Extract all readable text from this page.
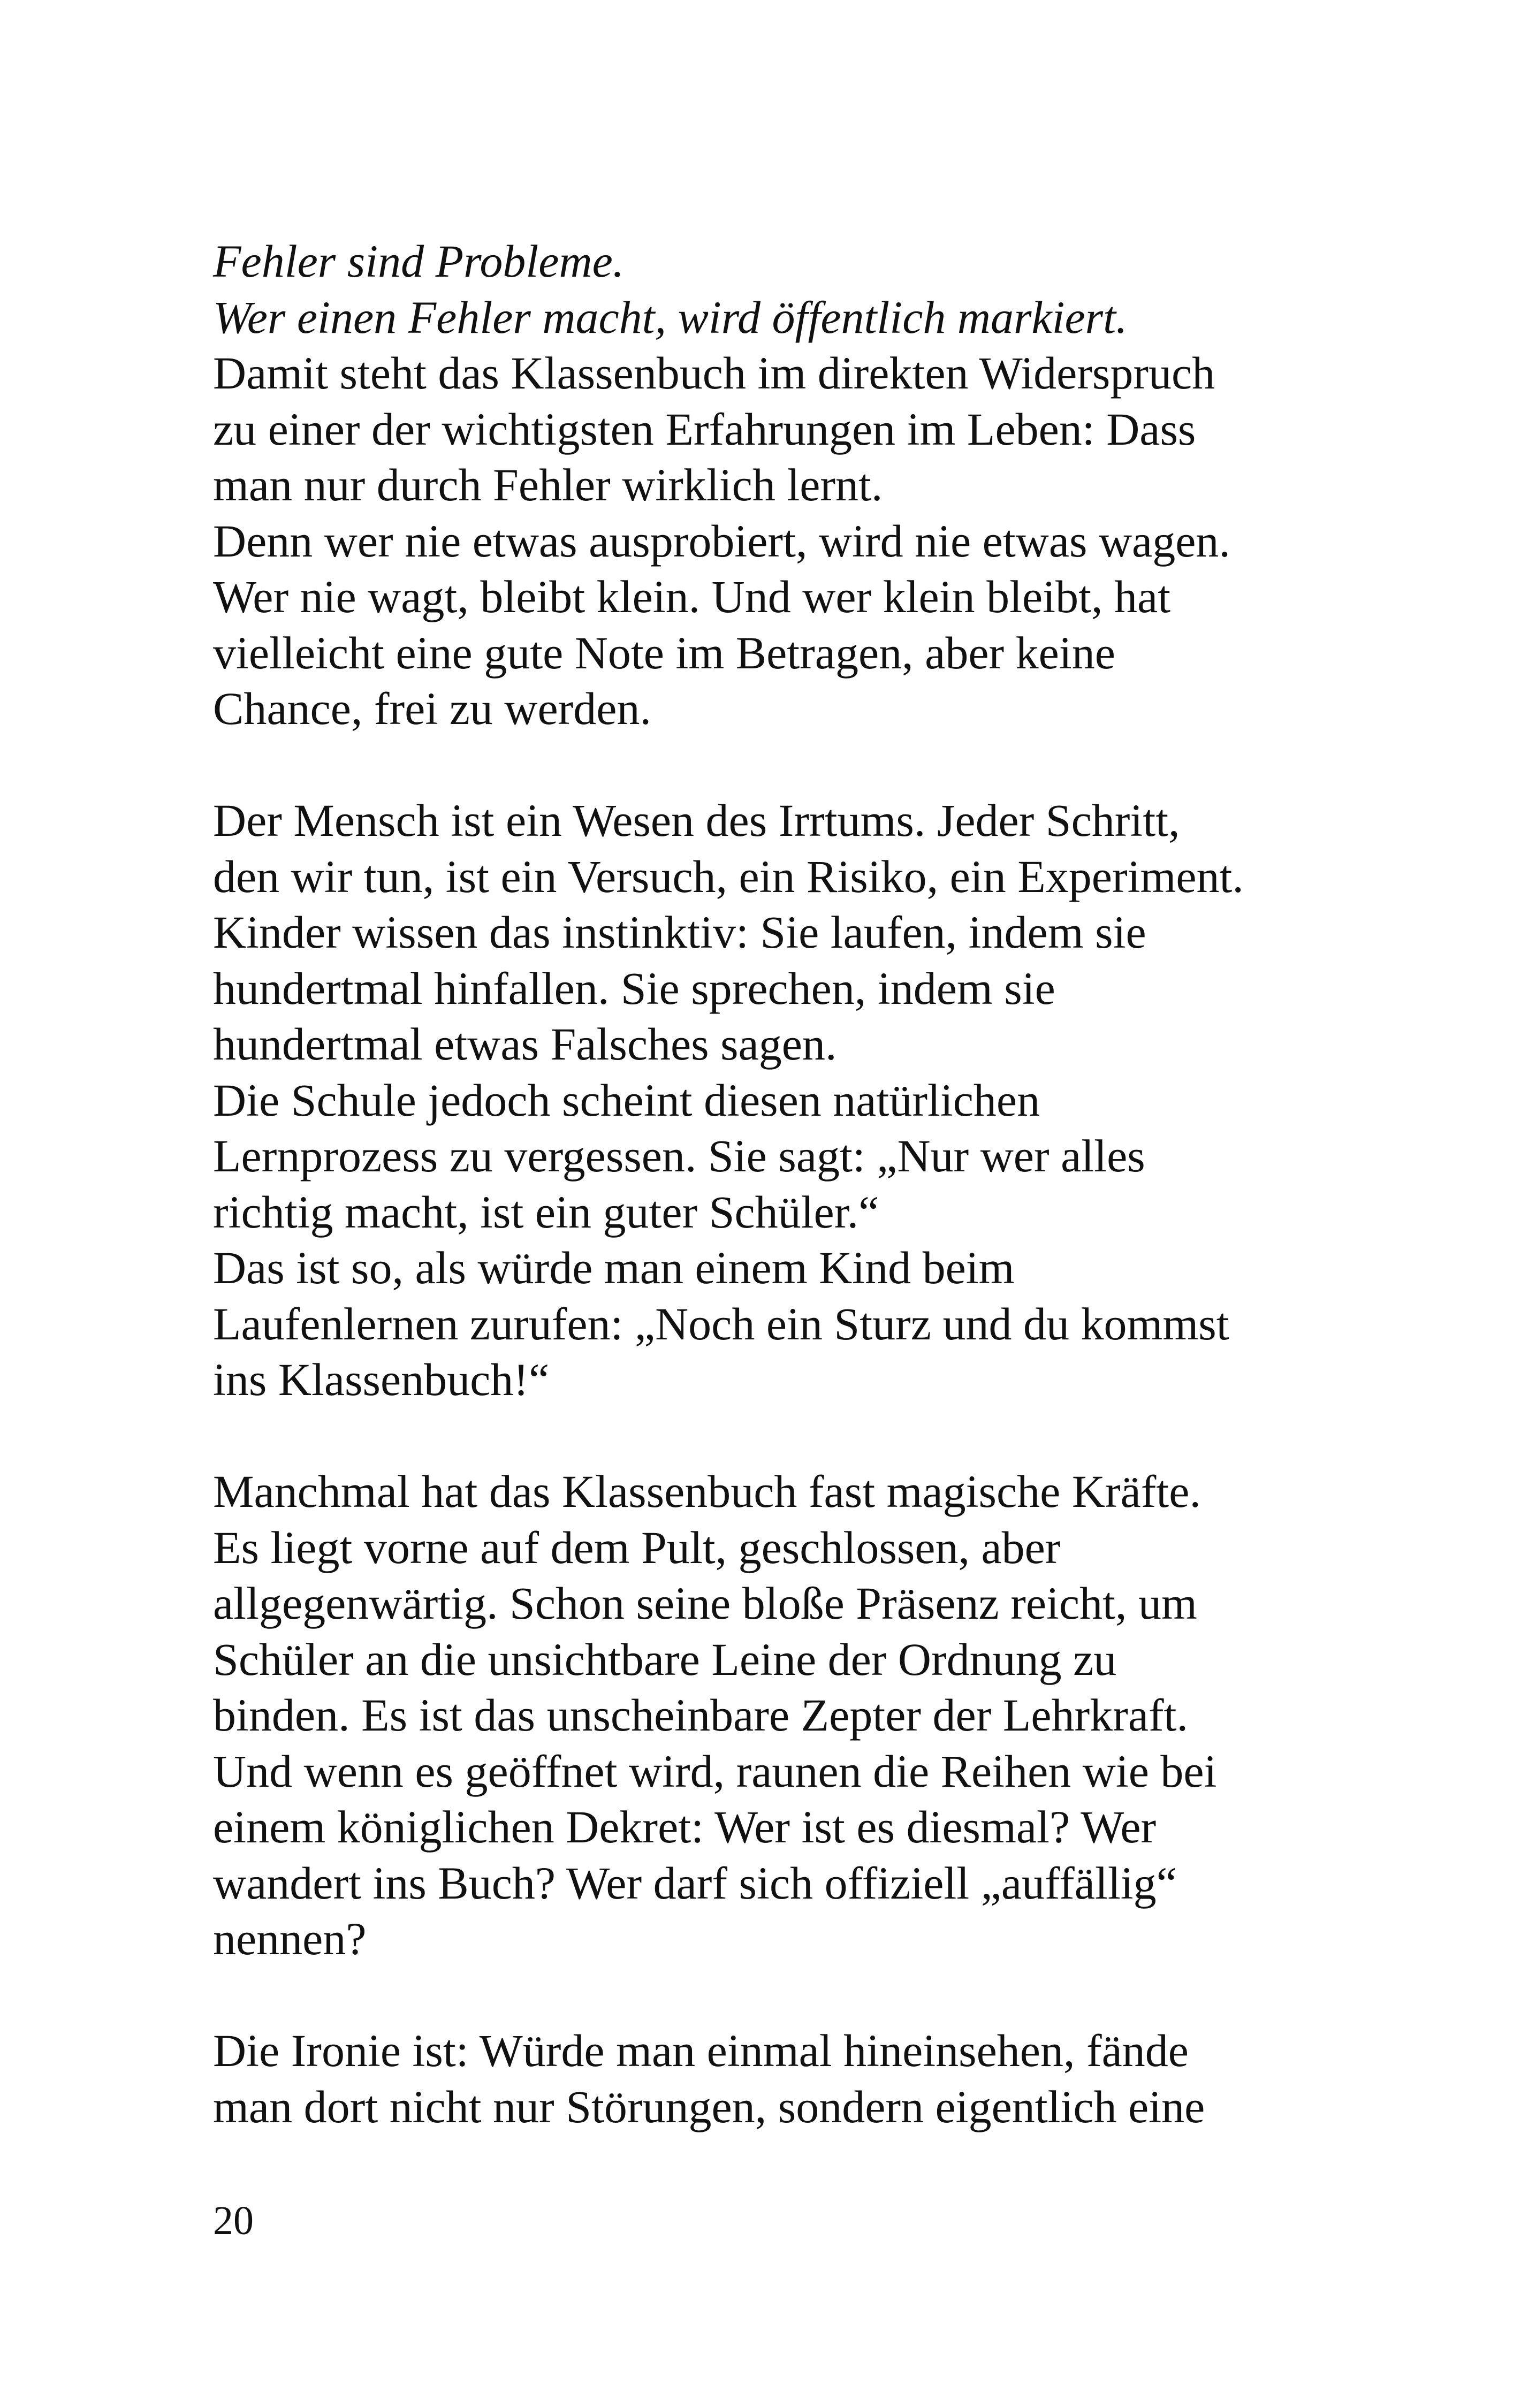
Fehler sind Probleme.
Wer einen Fehler macht, wird öffentlich markiert.
Damit steht das Klassenbuch im direkten Widerspruch
zu einer der wichtigsten Erfahrungen im Leben: Dass
man nur durch Fehler wirklich lernt.
Denn wer nie etwas ausprobiert, wird nie etwas wagen.
Wer nie wagt, bleibt klein. Und wer klein bleibt, hat
vielleicht eine gute Note im Betragen, aber keine
Chance, frei zu werden.
Der Mensch ist ein Wesen des Irrtums. Jeder Schritt,
den wir tun, ist ein Versuch, ein Risiko, ein Experiment.
Kinder wissen das instinktiv: Sie laufen, indem sie
hundertmal hinfallen. Sie sprechen, indem sie
hundertmal etwas Falsches sagen.
Die Schule jedoch scheint diesen natürlichen
Lernprozess zu vergessen. Sie sagt: „Nur wer alles
richtig macht, ist ein guter Schüler.“
Das ist so, als würde man einem Kind beim
Laufenlernen zurufen: „Noch ein Sturz und du kommst
ins Klassenbuch!“
Manchmal hat das Klassenbuch fast magische Kräfte.
Es liegt vorne auf dem Pult, geschlossen, aber
allgegenwärtig. Schon seine bloße Präsenz reicht, um
Schüler an die unsichtbare Leine der Ordnung zu
binden. Es ist das unscheinbare Zepter der Lehrkraft.
Und wenn es geöffnet wird, raunen die Reihen wie bei
einem königlichen Dekret: Wer ist es diesmal? Wer
wandert ins Buch? Wer darf sich offiziell „auffällig“
nennen?
Die Ironie ist: Würde man einmal hineinsehen, fände
man dort nicht nur Störungen, sondern eigentlich eine
20
